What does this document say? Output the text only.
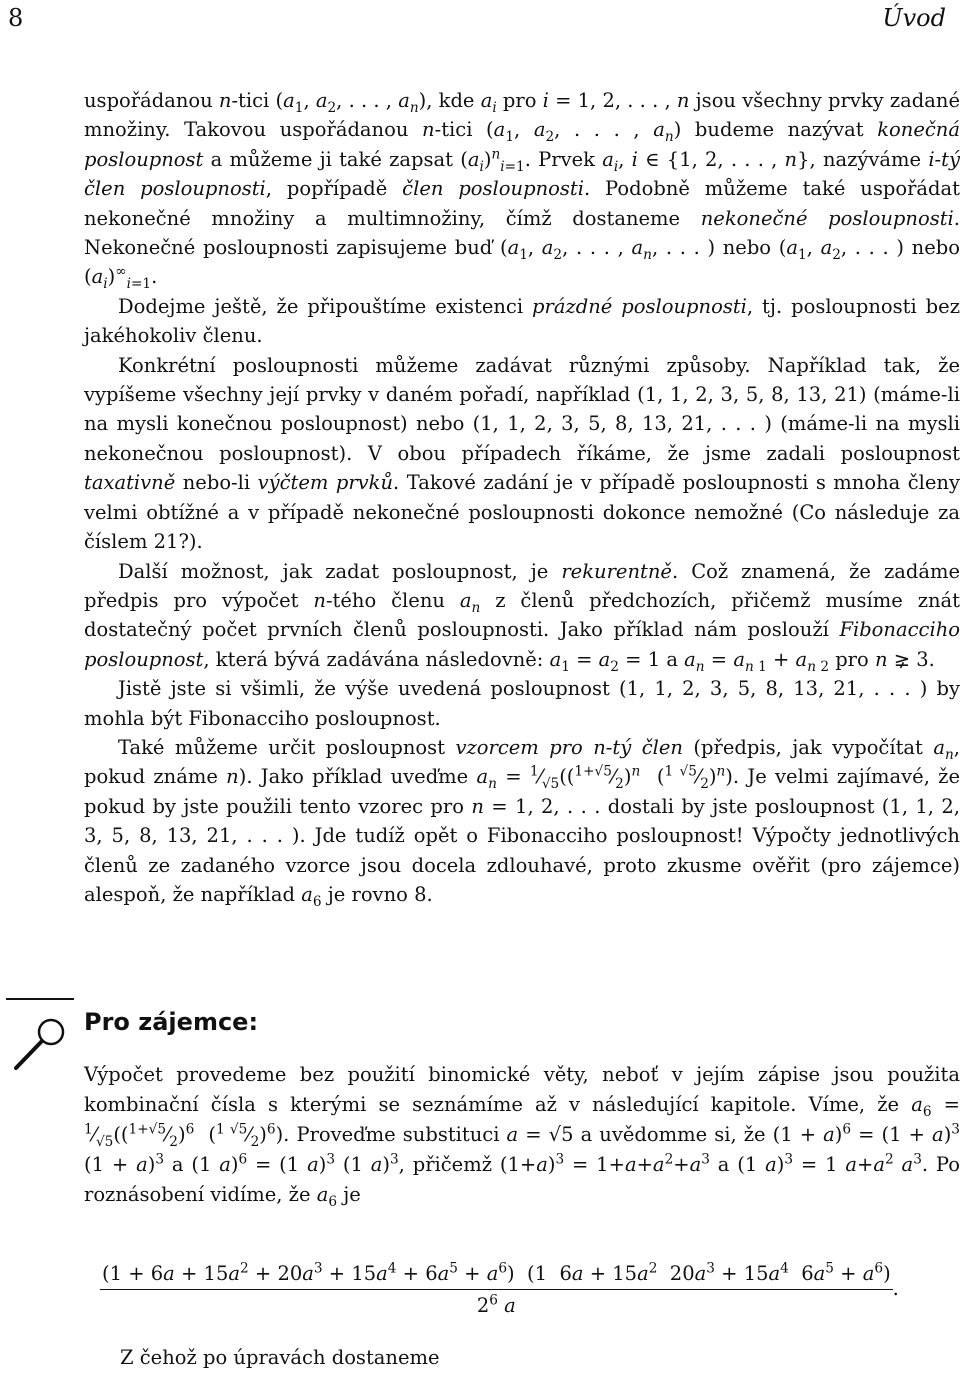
8	Úvod

uspořádanou n-tici ($a_1$, $a_2$, . . . , $a_n$), kde $a_i$ pro i = 1, 2, . . . , n jsou všechny prvky zadané množiny. Takovou uspořádanou n-tici ($a_1$, $a_2$, . . . , $a_n$) budeme nazývat konečná posloupnost a můžeme ji také zapsat $(a_i)^n_{i=1}$. Prvek $a_i$, i ∈ {1, 2, . . . , n}, nazýváme i-tý člen posloupnosti, popřípadě člen posloupnosti. Podobně můžeme také uspořádat nekonečné množiny a multimnožiny, čímž dostaneme nekonečné posloupnosti. Nekonečné posloupnosti zapisujeme buď ($a_1$, $a_2$, . . . , $a_n$, . . . ) nebo ($a_1$, $a_2$, . . . ) nebo $(a_i)^\infty_{i=1}$.

Dodejme ještě, že připouštíme existenci prázdné posloupnosti, tj. posloupnosti bez jakéhokoliv členu.

Konkrétní posloupnosti můžeme zadávat různými způsoby. Například tak, že vypíšeme všechny její prvky v daném pořadí, například (1, 1, 2, 3, 5, 8, 13, 21) (máme-li na mysli konečnou posloupnost) nebo (1, 1, 2, 3, 5, 8, 13, 21, . . . ) (máme-li na mysli nekonečnou posloupnost). V obou případech říkáme, že jsme zadali posloupnost taxativně nebo-li výčtem prvků. Takové zadání je v případě posloupnosti s mnoha členy velmi obtížné a v případě nekonečné posloupnosti dokonce nemožné (Co následuje za číslem 21?).

Další možnost, jak zadat posloupnost, je rekurentně. Což znamená, že zadáme předpis pro výpočet n-tého členu $a_n$ z členů předchozích, přičemž musíme znát dostatečný počet prvních členů posloupnosti. Jako příklad nám poslouží Fibonacciho posloupnost, která bývá zadávána následovně: $a_1 = a_2 = 1$ a $a_n = a_{n 1} + a_{n 2}$ pro n ⪈ 3.

Jistě jste si všimli, že výše uvedená posloupnost (1, 1, 2, 3, 5, 8, 13, 21, . . . ) by mohla být Fibonacciho posloupnost.

Také můžeme určit posloupnost vzorcem pro n-tý člen (předpis, jak vypočítat $a_n$, pokud známe n). Jako příklad uveďme $a_n$ = $^1⁄_{√5}((^{1+√5}⁄_2)^n$  $(^{1 √5}⁄_2)^n$). Je velmi zajímavé, že pokud by jste použili tento vzorec pro n = 1, 2, . . . dostali by jste posloupnost (1, 1, 2, 3, 5, 8, 13, 21, . . . ). Jde tudíž opět o Fibonacciho posloupnost! Výpočty jednotlivých členů ze zadaného vzorce jsou docela zdlouhavé, proto zkusme ověřit (pro zájemce) alespoň, že například $a_6$ je rovno 8.

Pro zájemce:

Výpočet provedeme bez použití binomické věty, neboť v jejím zápise jsou použita kombinační čísla s kterými se seznámíme až v následující kapitole. Víme, že $a_6$ = $^1⁄_{√5}((^{1+√5}⁄_2)^6$  $(^{1 √5}⁄_2)^6$). Proveďme substituci a = √5 a uvědomme si, že $(1 + a)^6 = (1 + a)^3$ $(1 + a)^3$ a (1 a)$^6$ = (1 a)$^3$ (1 a)$^3$, přičemž $(1+a)^3 = 1+a+a^2+a^3$ a (1 a)$^3$ = 1 $a+a^2$ $a^3$. Po roznásobení vidíme, že $a_6$ je

$(1 + 6a + 15a^2 + 20a^3 + 15a^4 + 6a^5 + a^6)$  (1  $6a + 15a^2$  $20a^3 + 15a^4$  $6a^5 + a^6$)
$2^6$ a
.
Z čehož po úpravách dostaneme
